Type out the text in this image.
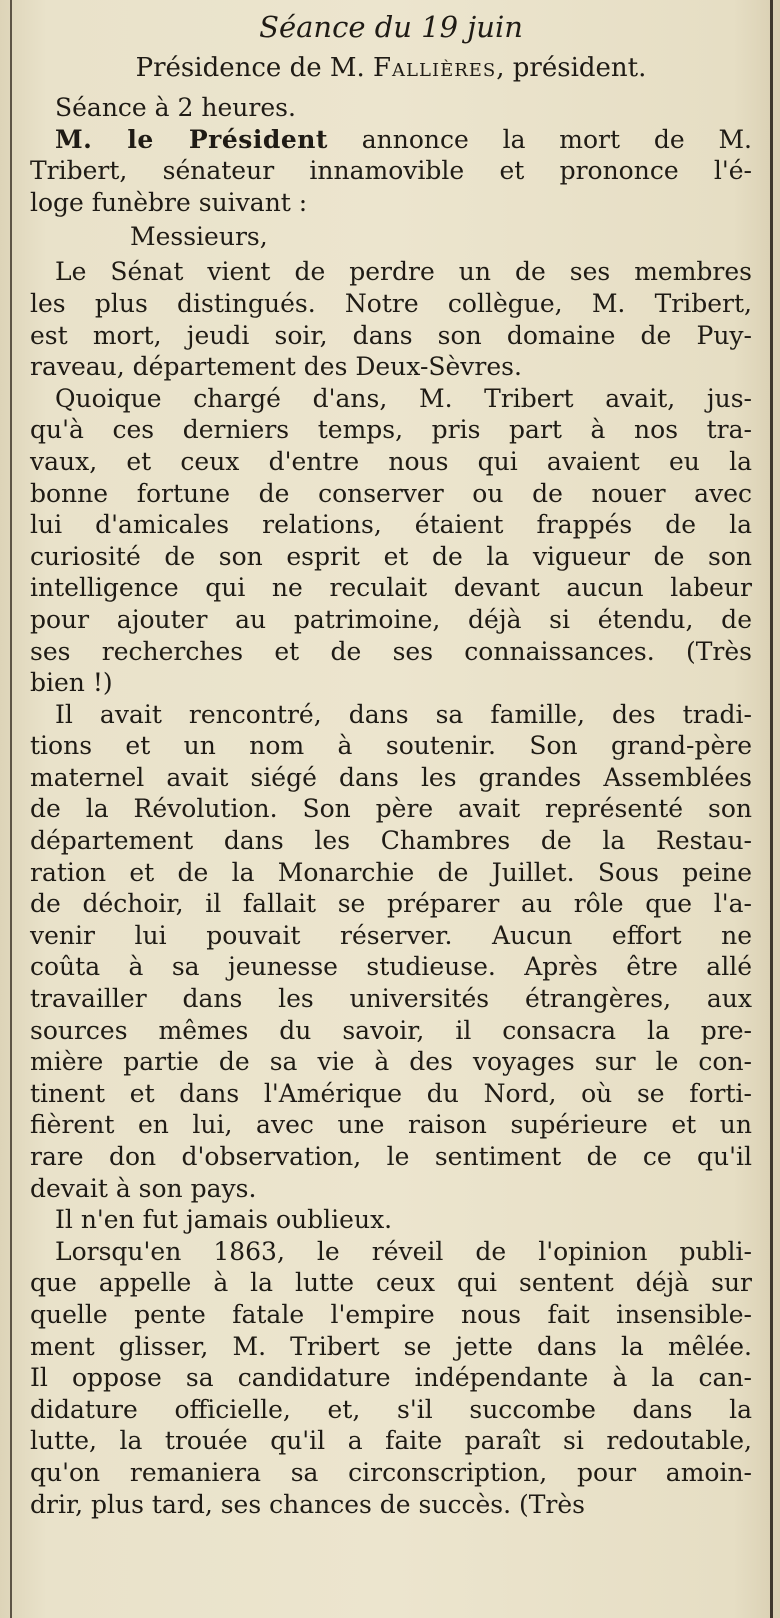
Séance du 19 juin

Présidence de M. Fallières, président.

Séance à 2 heures.
M. le Président annonce la mort de M.
Tribert, sénateur innamovible et prononce l'é-
loge funèbre suivant :
Messieurs,
Le Sénat vient de perdre un de ses membres
les plus distingués. Notre collègue, M. Tribert,
est mort, jeudi soir, dans son domaine de Puy-
raveau, département des Deux-Sèvres.
Quoique chargé d'ans, M. Tribert avait, jus-
qu'à ces derniers temps, pris part à nos tra-
vaux, et ceux d'entre nous qui avaient eu la
bonne fortune de conserver ou de nouer avec
lui d'amicales relations, étaient frappés de la
curiosité de son esprit et de la vigueur de son
intelligence qui ne reculait devant aucun labeur
pour ajouter au patrimoine, déjà si étendu, de
ses recherches et de ses connaissances. (Très
bien !)
Il avait rencontré, dans sa famille, des tradi-
tions et un nom à soutenir. Son grand-père
maternel avait siégé dans les grandes Assemblées
de la Révolution. Son père avait représenté son
département dans les Chambres de la Restau-
ration et de la Monarchie de Juillet. Sous peine
de déchoir, il fallait se préparer au rôle que l'a-
venir lui pouvait réserver. Aucun effort ne
coûta à sa jeunesse studieuse. Après être allé
travailler dans les universités étrangères, aux
sources mêmes du savoir, il consacra la pre-
mière partie de sa vie à des voyages sur le con-
tinent et dans l'Amérique du Nord, où se forti-
fièrent en lui, avec une raison supérieure et un
rare don d'observation, le sentiment de ce qu'il
devait à son pays.
Il n'en fut jamais oublieux.
Lorsqu'en 1863, le réveil de l'opinion publi-
que appelle à la lutte ceux qui sentent déjà sur
quelle pente fatale l'empire nous fait insensible-
ment glisser, M. Tribert se jette dans la mêlée.
Il oppose sa candidature indépendante à la can-
didature officielle, et, s'il succombe dans la
lutte, la trouée qu'il a faite paraît si redoutable,
qu'on remaniera sa circonscription, pour amoin-
drir, plus tard, ses chances de succès. (Très
